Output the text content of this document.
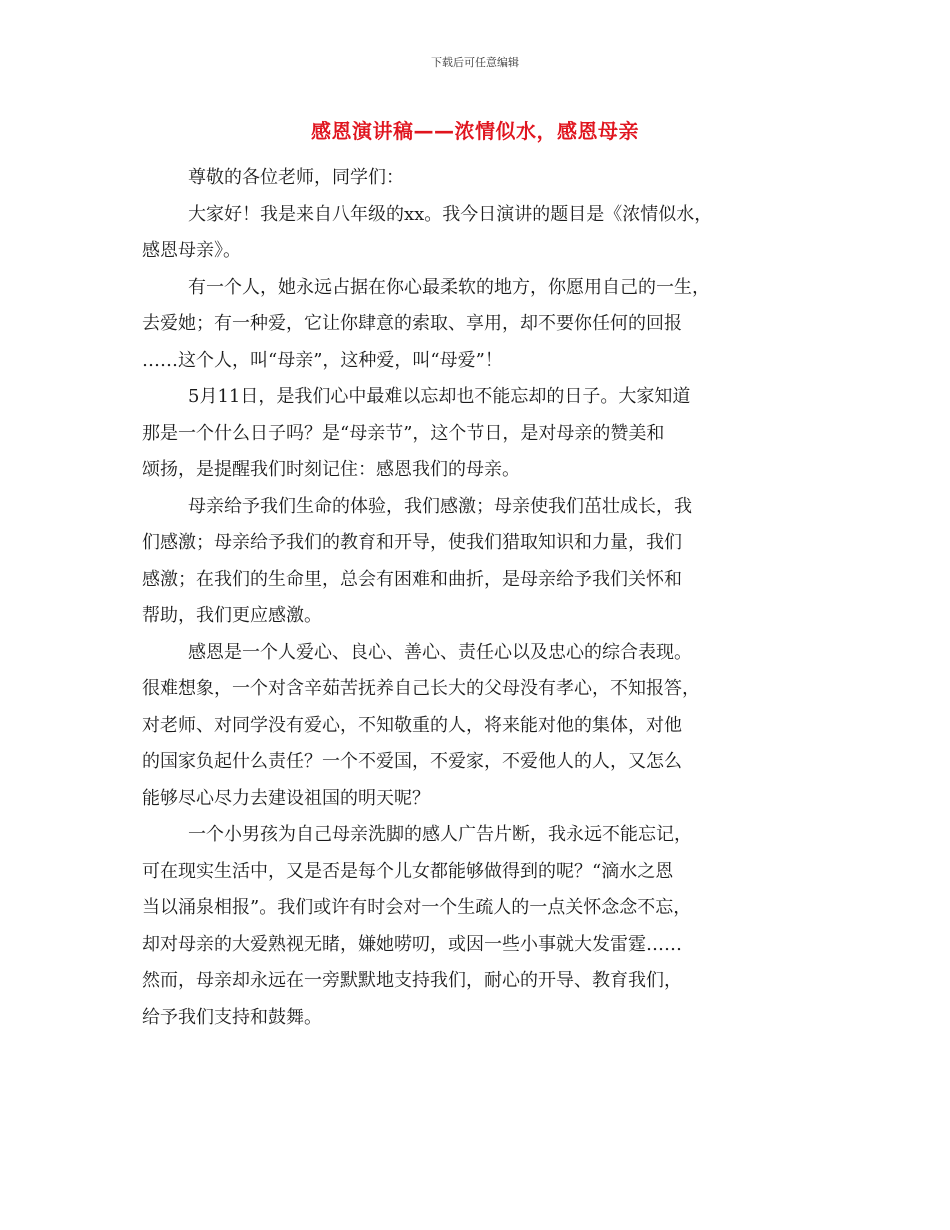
下载后可任意编辑
感恩演讲稿——浓情似水，感恩母亲

尊敬的各位老师，同学们：

大家好！我是来自八年级的xx。我今日演讲的题目是《浓情似水，
感恩母亲》。

有一个人，她永远占据在你心最柔软的地方，你愿用自己的一生，
去爱她；有一种爱，它让你肆意的索取、享用，却不要你任何的回报
……这个人，叫“母亲”，这种爱，叫“母爱”！

5月11日，是我们心中最难以忘却也不能忘却的日子。大家知道
那是一个什么日子吗？是“母亲节”，这个节日，是对母亲的赞美和
颂扬，是提醒我们时刻记住：感恩我们的母亲。

母亲给予我们生命的体验，我们感激；母亲使我们茁壮成长，我
们感激；母亲给予我们的教育和开导，使我们猎取知识和力量，我们
感激；在我们的生命里，总会有困难和曲折，是母亲给予我们关怀和
帮助，我们更应感激。

感恩是一个人爱心、良心、善心、责任心以及忠心的综合表现。
很难想象，一个对含辛茹苦抚养自己长大的父母没有孝心，不知报答，
对老师、对同学没有爱心，不知敬重的人，将来能对他的集体，对他
的国家负起什么责任？一个不爱国，不爱家，不爱他人的人，又怎么
能够尽心尽力去建设祖国的明天呢？

一个小男孩为自己母亲洗脚的感人广告片断，我永远不能忘记，
可在现实生活中，又是否是每个儿女都能够做得到的呢？“滴水之恩
当以涌泉相报”。我们或许有时会对一个生疏人的一点关怀念念不忘，
却对母亲的大爱熟视无睹，嫌她唠叨，或因一些小事就大发雷霆……
然而，母亲却永远在一旁默默地支持我们，耐心的开导、教育我们，
给予我们支持和鼓舞。
